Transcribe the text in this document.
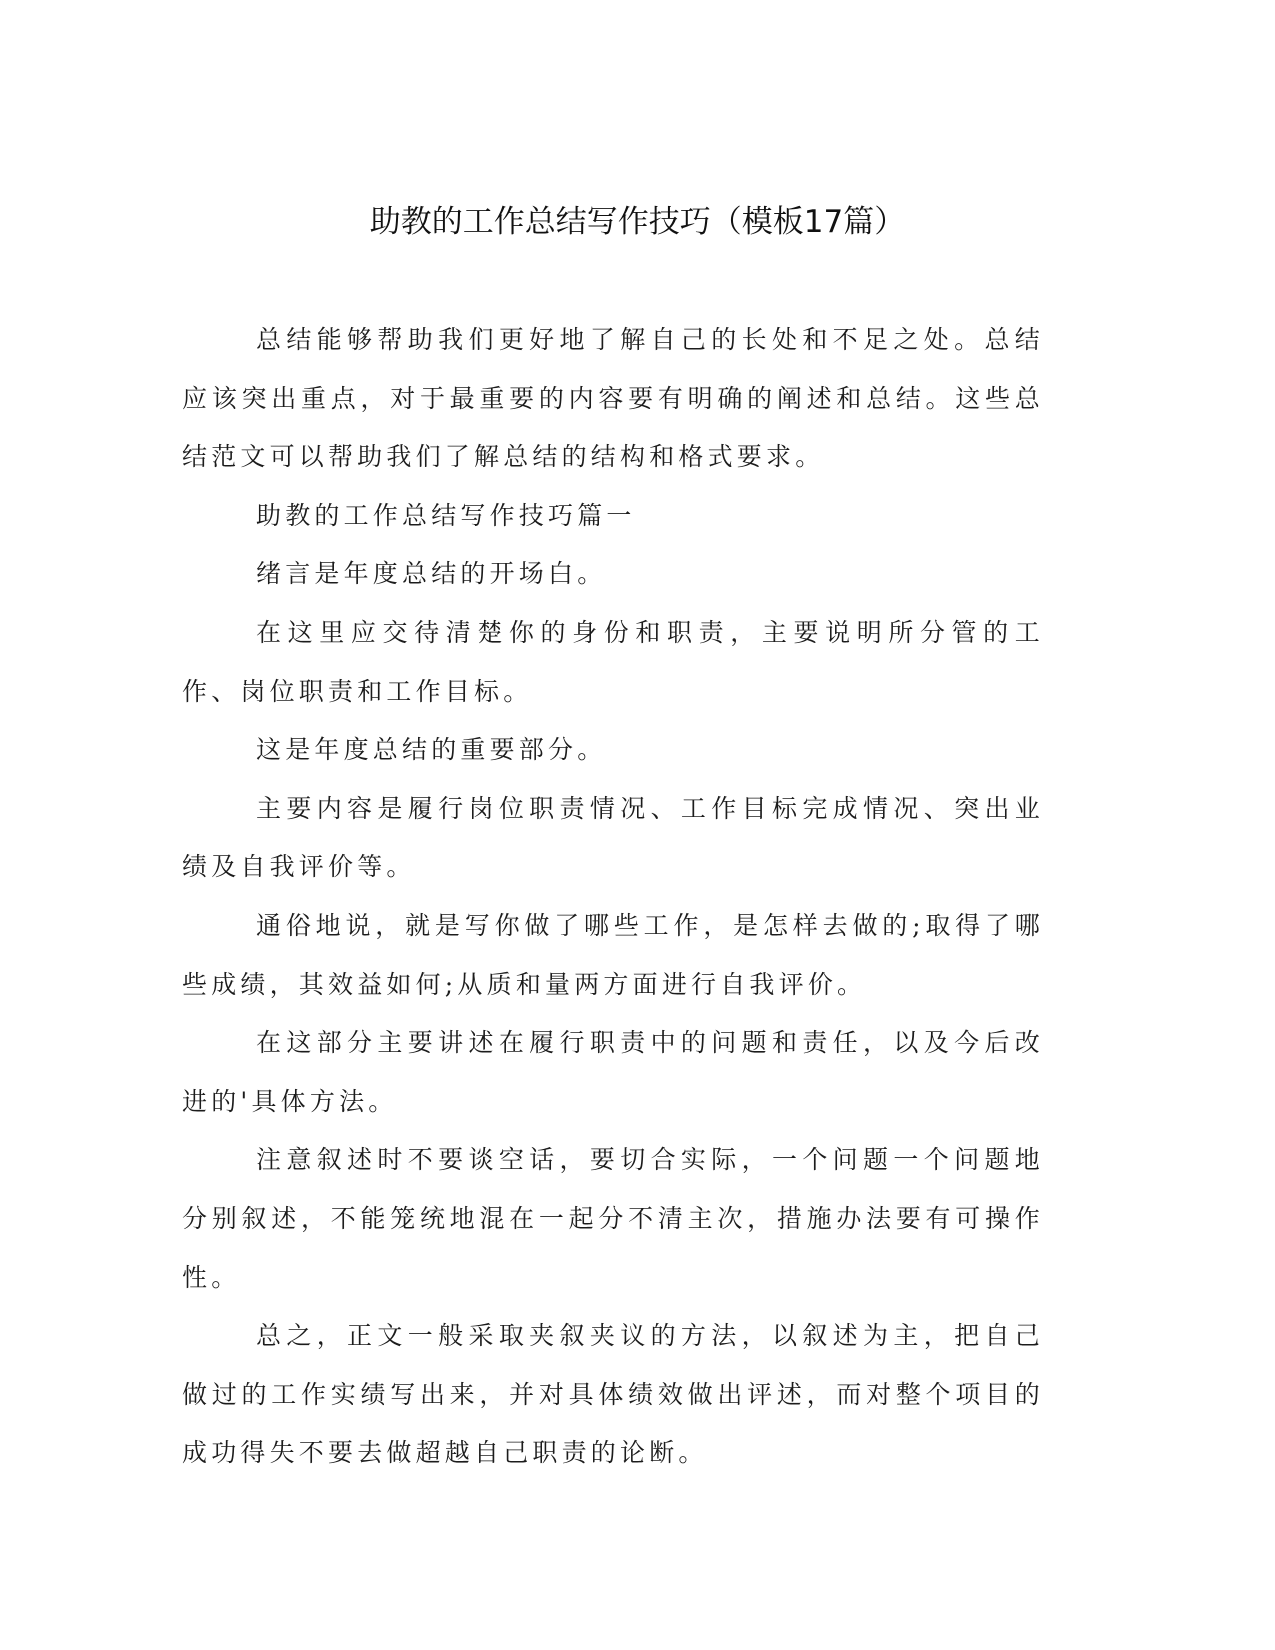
助教的工作总结写作技巧（模板17篇）

总结能够帮助我们更好地了解自己的长处和不足之处。总结应该突出重点，对于最重要的内容要有明确的阐述和总结。这些总结范文可以帮助我们了解总结的结构和格式要求。

助教的工作总结写作技巧篇一

绪言是年度总结的开场白。

在这里应交待清楚你的身份和职责，主要说明所分管的工作、岗位职责和工作目标。

这是年度总结的重要部分。

主要内容是履行岗位职责情况、工作目标完成情况、突出业绩及自我评价等。

通俗地说，就是写你做了哪些工作，是怎样去做的;取得了哪些成绩，其效益如何;从质和量两方面进行自我评价。

在这部分主要讲述在履行职责中的问题和责任，以及今后改进的'具体方法。

注意叙述时不要谈空话，要切合实际，一个问题一个问题地分别叙述，不能笼统地混在一起分不清主次，措施办法要有可操作性。

总之，正文一般采取夹叙夹议的方法，以叙述为主，把自己做过的工作实绩写出来，并对具体绩效做出评述，而对整个项目的成功得失不要去做超越自己职责的论断。
